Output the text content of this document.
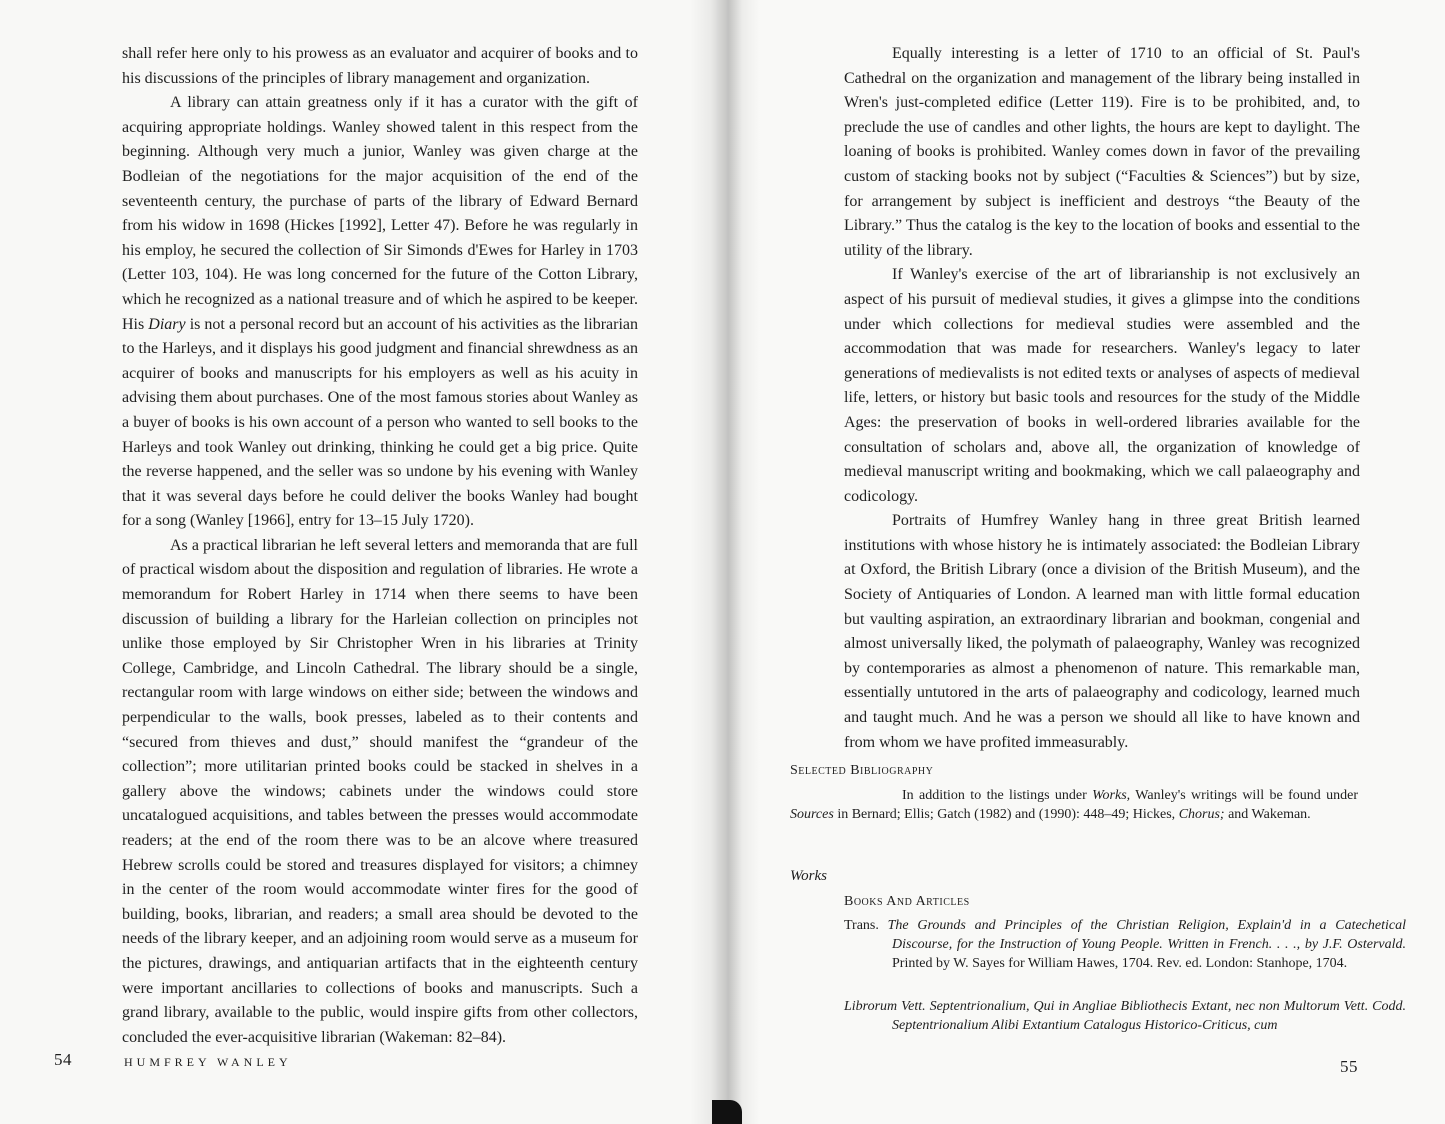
shall refer here only to his prowess as an evaluator and acquirer of books and to his discussions of the principles of library management and organization.

A library can attain greatness only if it has a curator with the gift of acquiring appropriate holdings. Wanley showed talent in this respect from the beginning. Although very much a junior, Wanley was given charge at the Bodleian of the negotiations for the major acquisition of the end of the seventeenth century, the purchase of parts of the library of Edward Bernard from his widow in 1698 (Hickes [1992], Letter 47). Before he was regularly in his employ, he secured the collection of Sir Simonds d'Ewes for Harley in 1703 (Letter 103, 104). He was long concerned for the future of the Cotton Library, which he recognized as a national treasure and of which he aspired to be keeper. His Diary is not a personal record but an account of his activities as the librarian to the Harleys, and it displays his good judgment and financial shrewdness as an acquirer of books and manuscripts for his employers as well as his acuity in advising them about purchases. One of the most famous stories about Wanley as a buyer of books is his own account of a person who wanted to sell books to the Harleys and took Wanley out drinking, thinking he could get a big price. Quite the reverse happened, and the seller was so undone by his evening with Wanley that it was several days before he could deliver the books Wanley had bought for a song (Wanley [1966], entry for 13–15 July 1720).

As a practical librarian he left several letters and memoranda that are full of practical wisdom about the disposition and regulation of libraries. He wrote a memorandum for Robert Harley in 1714 when there seems to have been discussion of building a library for the Harleian collection on principles not unlike those employed by Sir Christopher Wren in his libraries at Trinity College, Cambridge, and Lincoln Cathedral. The library should be a single, rectangular room with large windows on either side; between the windows and perpendicular to the walls, book presses, labeled as to their contents and “secured from thieves and dust,” should manifest the “grandeur of the collection”; more utilitarian printed books could be stacked in shelves in a gallery above the windows; cabinets under the windows could store uncatalogued acquisitions, and tables between the presses would accommodate readers; at the end of the room there was to be an alcove where treasured Hebrew scrolls could be stored and treasures displayed for visitors; a chimney in the center of the room would accommodate winter fires for the good of building, books, librarian, and readers; a small area should be devoted to the needs of the library keeper, and an adjoining room would serve as a museum for the pictures, drawings, and antiquarian artifacts that in the eighteenth century were important ancillaries to collections of books and manuscripts. Such a grand library, available to the public, would inspire gifts from other collectors, concluded the ever-acquisitive librarian (Wakeman: 82–84).

54	HUMFREY WANLEY

Equally interesting is a letter of 1710 to an official of St. Paul's Cathedral on the organization and management of the library being installed in Wren's just-completed edifice (Letter 119). Fire is to be prohibited, and, to preclude the use of candles and other lights, the hours are kept to daylight. The loaning of books is prohibited. Wanley comes down in favor of the prevailing custom of stacking books not by subject (“Faculties & Sciences”) but by size, for arrangement by subject is inefficient and destroys “the Beauty of the Library.” Thus the catalog is the key to the location of books and essential to the utility of the library.

If Wanley's exercise of the art of librarianship is not exclusively an aspect of his pursuit of medieval studies, it gives a glimpse into the conditions under which collections for medieval studies were assembled and the accommodation that was made for researchers. Wanley's legacy to later generations of medievalists is not edited texts or analyses of aspects of medieval life, letters, or history but basic tools and resources for the study of the Middle Ages: the preservation of books in well-ordered libraries available for the consultation of scholars and, above all, the organization of knowledge of medieval manuscript writing and bookmaking, which we call palaeography and codicology.

Portraits of Humfrey Wanley hang in three great British learned institutions with whose history he is intimately associated: the Bodleian Library at Oxford, the British Library (once a division of the British Museum), and the Society of Antiquaries of London. A learned man with little formal education but vaulting aspiration, an extraordinary librarian and bookman, congenial and almost universally liked, the polymath of palaeography, Wanley was recognized by contemporaries as almost a phenomenon of nature. This remarkable man, essentially untutored in the arts of palaeography and codicology, learned much and taught much. And he was a person we should all like to have known and from whom we have profited immeasurably.

Selected Bibliography
In addition to the listings under Works, Wanley's writings will be found under Sources in Bernard; Ellis; Gatch (1982) and (1990): 448–49; Hickes, Chorus; and Wakeman.
Works
Books And Articles
Trans. The Grounds and Principles of the Christian Religion, Explain'd in a Catechetical Discourse, for the Instruction of Young People. Written in French. . . ., by J.F. Ostervald. Printed by W. Sayes for William Hawes, 1704. Rev. ed. London: Stanhope, 1704.
Librorum Vett. Septentrionalium, Qui in Angliae Bibliothecis Extant, nec non Multorum Vett. Codd. Septentrionalium Alibi Extantium Catalogus Historico-Criticus, cum
55
